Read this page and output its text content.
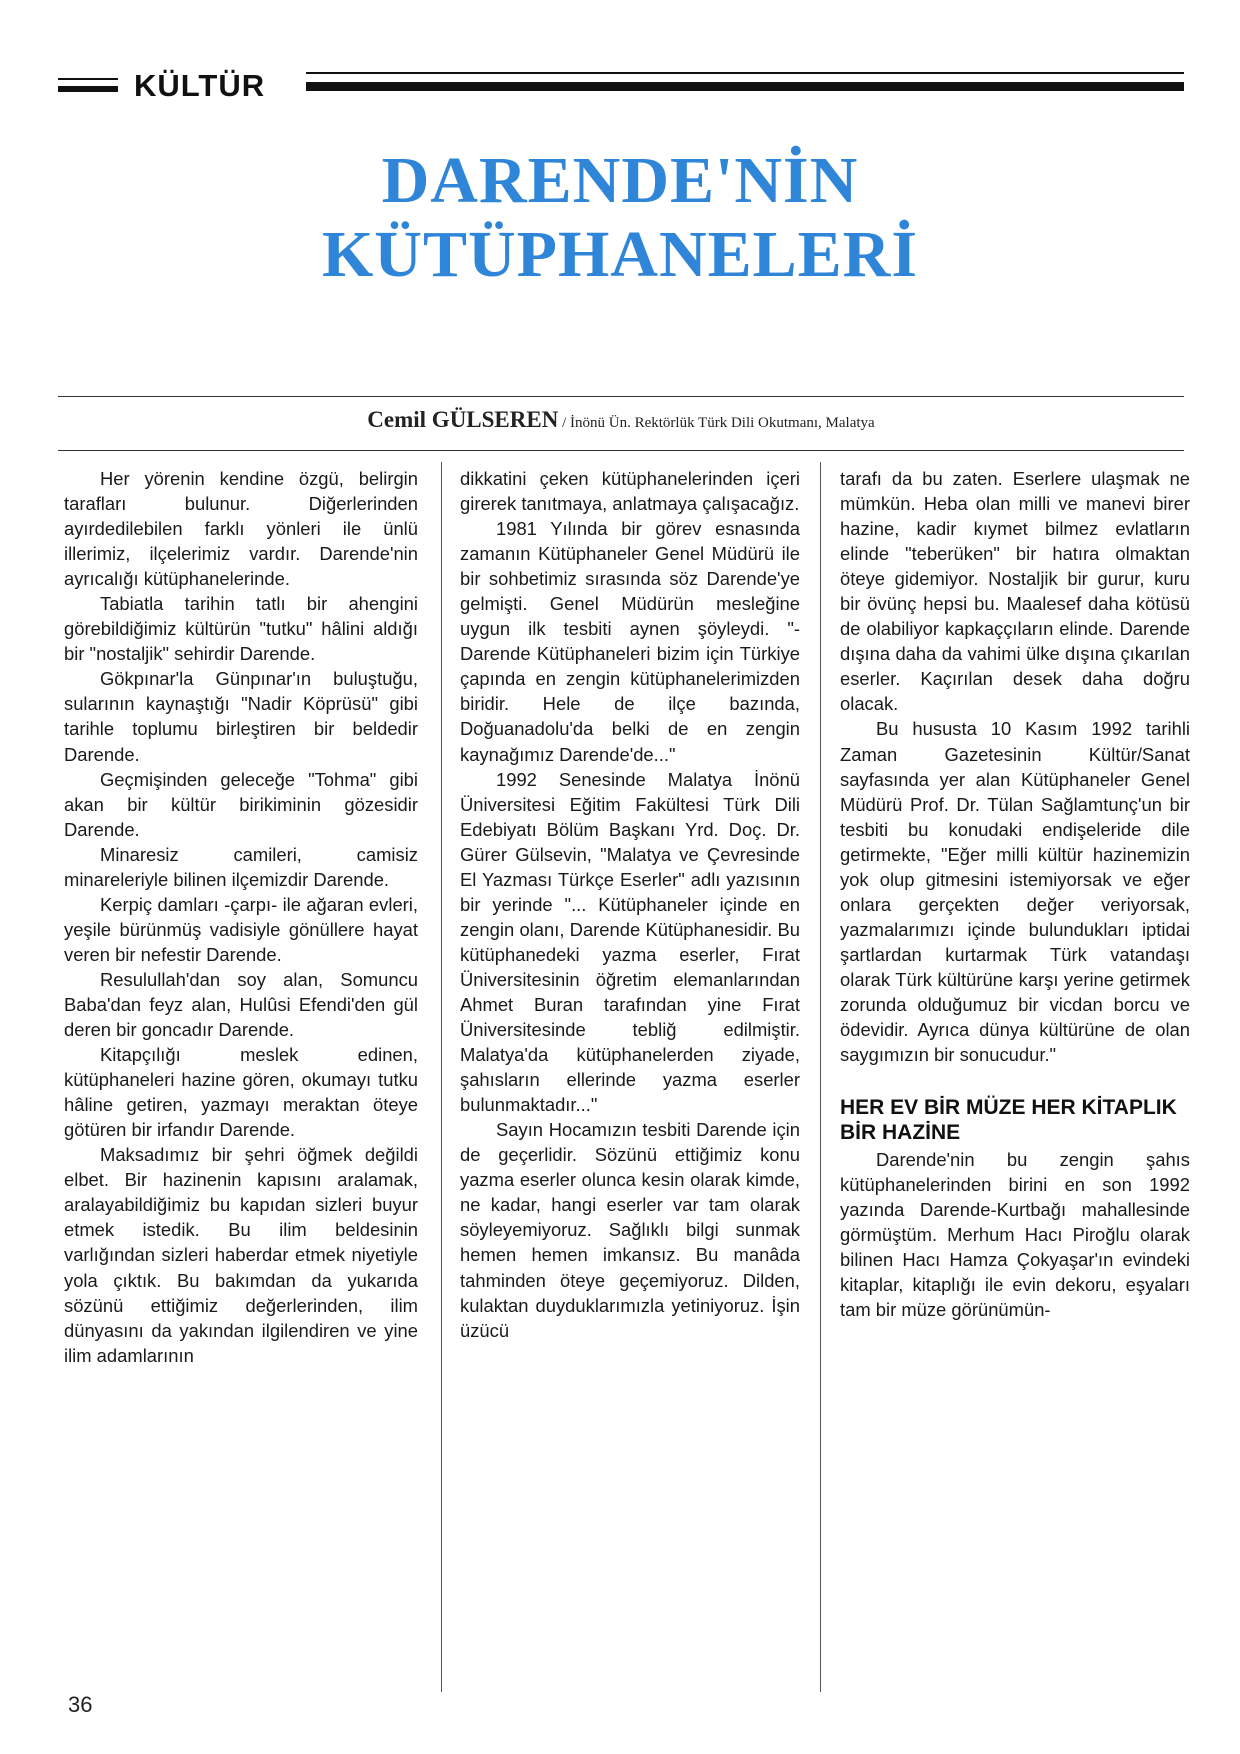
KÜLTÜR
DARENDE'NİN
KÜTÜPHANELERİ
Cemil GÜLSEREN / İnönü Ün. Rektörlük Türk Dili Okutmanı, Malatya

Her yörenin kendine özgü, belirgin tarafları bulunur. Diğerlerinden ayırdedilebilen farklı yönleri ile ünlü illerimiz, ilçelerimiz vardır. Darende'nin ayrıcalığı kütüphanelerinde.

Tabiatla tarihin tatlı bir ahengini görebildiğimiz kültürün "tutku" hâlini aldığı bir "nostaljik" sehirdir Darende.

Gökpınar'la Günpınar'ın buluştuğu, sularının kaynaştığı "Nadir Köprüsü" gibi tarihle toplumu birleştiren bir beldedir Darende.

Geçmişinden geleceğe "Tohma" gibi akan bir kültür birikiminin gözesidir Darende.

Minaresiz camileri, camisiz minareleriyle bilinen ilçemizdir Darende.

Kerpiç damları -çarpı- ile ağaran evleri, yeşile bürünmüş vadisiyle gönüllere hayat veren bir nefestir Darende.

Resulullah'dan soy alan, Somuncu Baba'dan feyz alan, Hulûsi Efendi'den gül deren bir goncadır Darende.

Kitapçılığı meslek edinen, kütüphaneleri hazine gören, okumayı tutku hâline getiren, yazmayı meraktan öteye götüren bir irfandır Darende.

Maksadımız bir şehri öğmek değildi elbet. Bir hazinenin kapısını aralamak, aralayabildiğimiz bu kapıdan sizleri buyur etmek istedik. Bu ilim beldesinin varlığından sizleri haberdar etmek niyetiyle yola çıktık. Bu bakımdan da yukarıda sözünü ettiğimiz değerlerinden, ilim dünyasını da yakından ilgilendiren ve yine ilim adamlarının

dikkatini çeken kütüphanelerinden içeri girerek tanıtmaya, anlatmaya çalışacağız.

1981 Yılında bir görev esnasında zamanın Kütüphaneler Genel Müdürü ile bir sohbetimiz sırasında söz Darende'ye gelmişti. Genel Müdürün mesleğine uygun ilk tesbiti aynen şöyleydi. "-Darende Kütüphaneleri bizim için Türkiye çapında en zengin kütüphanelerimizden biridir. Hele de ilçe bazında, Doğuanadolu'da belki de en zengin kaynağımız Darende'de..."

1992 Senesinde Malatya İnönü Üniversitesi Eğitim Fakültesi Türk Dili Edebiyatı Bölüm Başkanı Yrd. Doç. Dr. Gürer Gülsevin, "Malatya ve Çevresinde El Yazması Türkçe Eserler" adlı yazısının bir yerinde "... Kütüphaneler içinde en zengin olanı, Darende Kütüphanesidir. Bu kütüphanedeki yazma eserler, Fırat Üniversitesinin öğretim elemanlarından Ahmet Buran tarafından yine Fırat Üniversitesinde tebliğ edilmiştir. Malatya'da kütüphanelerden ziyade, şahısların ellerinde yazma eserler bulunmaktadır..."

Sayın Hocamızın tesbiti Darende için de geçerlidir. Sözünü ettiğimiz konu yazma eserler olunca kesin olarak kimde, ne kadar, hangi eserler var tam olarak söyleyemiyoruz. Sağlıklı bilgi sunmak hemen hemen imkansız. Bu manâda tahminden öteye geçemiyoruz. Dilden, kulaktan duyduklarımızla yetiniyoruz. İşin üzücü

tarafı da bu zaten. Eserlere ulaşmak ne mümkün. Heba olan milli ve manevi birer hazine, kadir kıymet bilmez evlatların elinde "teberüken" bir hatıra olmaktan öteye gidemiyor. Nostaljik bir gurur, kuru bir övünç hepsi bu. Maalesef daha kötüsü de olabiliyor kapkaççıların elinde. Darende dışına daha da vahimi ülke dışına çıkarılan eserler. Kaçırılan desek daha doğru olacak.

Bu hususta 10 Kasım 1992 tarihli Zaman Gazetesinin Kültür/Sanat sayfasında yer alan Kütüphaneler Genel Müdürü Prof. Dr. Tülan Sağlamtunç'un bir tesbiti bu konudaki endişeleride dile getirmekte, "Eğer milli kültür hazinemizin yok olup gitmesini istemiyorsak ve eğer onlara gerçekten değer veriyorsak, yazmalarımızı içinde bulundukları iptidai şartlardan kurtarmak Türk vatandaşı olarak Türk kültürüne karşı yerine getirmek zorunda olduğumuz bir vicdan borcu ve ödevidir. Ayrıca dünya kültürüne de olan saygımızın bir sonucudur."

HER EV BİR MÜZE HER KİTAPLIK BİR HAZİNE

Darende'nin bu zengin şahıs kütüphanelerinden birini en son 1992 yazında Darende-Kurtbağı mahallesinde görmüştüm. Merhum Hacı Piroğlu olarak bilinen Hacı Hamza Çokyaşar'ın evindeki kitaplar, kitaplığı ile evin dekoru, eşyaları tam bir müze görünümün-

36
